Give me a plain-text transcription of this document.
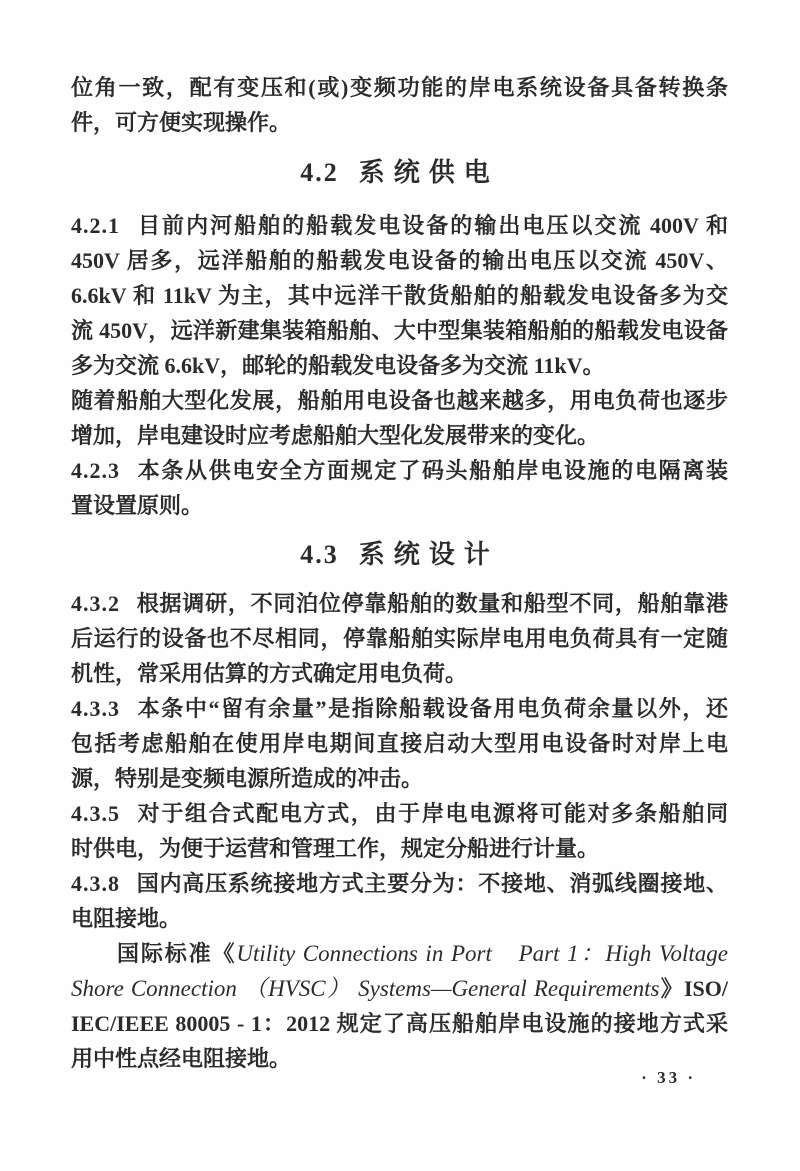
位角一致，配有变压和(或)变频功能的岸电系统设备具备转换条
件，可方便实现操作。
4.2 系统供电
4.2.1 目前内河船舶的船载发电设备的输出电压以交流 400V 和
450V 居多，远洋船舶的船载发电设备的输出电压以交流 450V、
6.6kV 和 11kV 为主，其中远洋干散货船舶的船载发电设备多为交
流 450V，远洋新建集装箱船舶、大中型集装箱船舶的船载发电设备
多为交流 6.6kV，邮轮的船载发电设备多为交流 11kV。
随着船舶大型化发展，船舶用电设备也越来越多，用电负荷也逐步
增加，岸电建设时应考虑船舶大型化发展带来的变化。
4.2.3 本条从供电安全方面规定了码头船舶岸电设施的电隔离装
置设置原则。
4.3 系统设计
4.3.2 根据调研，不同泊位停靠船舶的数量和船型不同，船舶靠港
后运行的设备也不尽相同，停靠船舶实际岸电用电负荷具有一定随
机性，常采用估算的方式确定用电负荷。
4.3.3 本条中“留有余量”是指除船载设备用电负荷余量以外，还
包括考虑船舶在使用岸电期间直接启动大型用电设备时对岸上电
源，特别是变频电源所造成的冲击。
4.3.5 对于组合式配电方式，由于岸电电源将可能对多条船舶同
时供电，为便于运营和管理工作，规定分船进行计量。
4.3.8 国内高压系统接地方式主要分为：不接地、消弧线圈接地、
电阻接地。
国际标准《Utility Connections in Port　Part 1：High Voltage
Shore Connection （HVSC） Systems—General Requirements》ISO/
IEC/IEEE 80005 - 1：2012 规定了高压船舶岸电设施的接地方式采
用中性点经电阻接地。
· 33 ·
